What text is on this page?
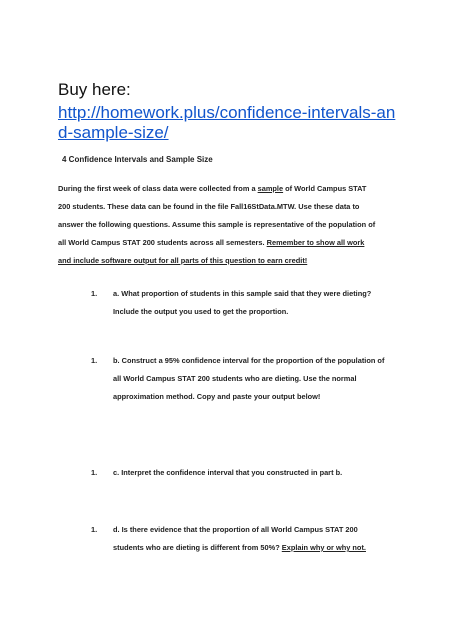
Buy here:

http://homework.plus/confidence-intervals-and-sample-size/

4 Confidence Intervals and Sample Size

During the first week of class data were collected from a sample of World Campus STAT
200 students. These data can be found in the file Fall16StData.MTW. Use these data to
answer the following questions. Assume this sample is representative of the population of
all World Campus STAT 200 students across all semesters. Remember to show all work
and include software output for all parts of this question to earn credit!
1. a. What proportion of students in this sample said that they were dieting?
Include the output you used to get the proportion.
1. b. Construct a 95% confidence interval for the proportion of the population of
all World Campus STAT 200 students who are dieting. Use the normal
approximation method. Copy and paste your output below!
1. c. Interpret the confidence interval that you constructed in part b.
1. d. Is there evidence that the proportion of all World Campus STAT 200
students who are dieting is different from 50%? Explain why or why not.
